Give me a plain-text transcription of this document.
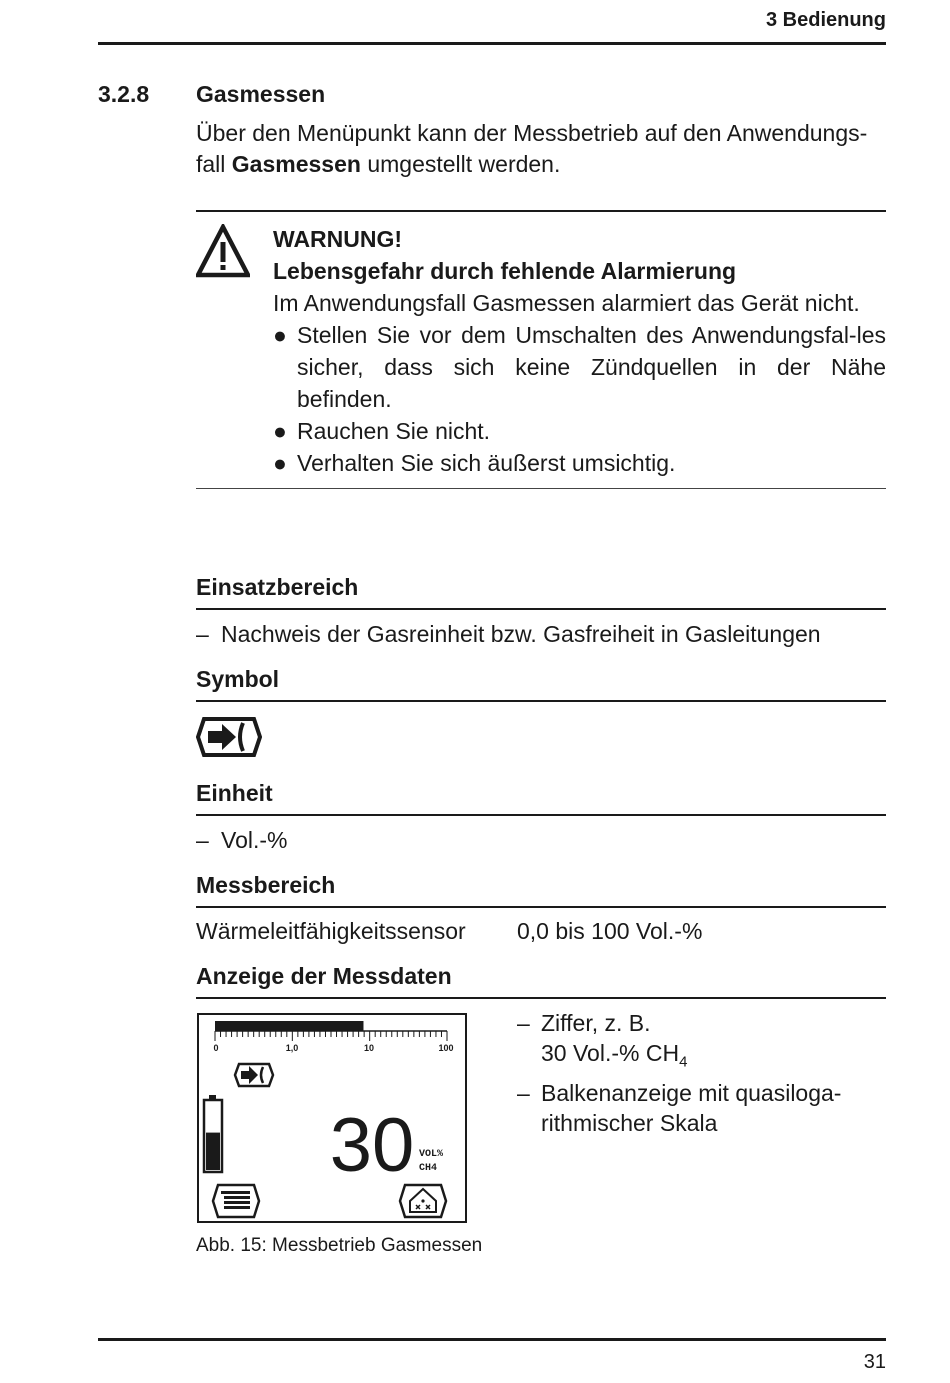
3 Bedienung
3.2.8 Gasmessen
Über den Menüpunkt kann der Messbetrieb auf den Anwendungs-fall Gasmessen umgestellt werden.
WARNUNG!
Lebensgefahr durch fehlende Alarmierung
Im Anwendungsfall Gasmessen alarmiert das Gerät nicht.
● Stellen Sie vor dem Umschalten des Anwendungsfal-les sicher, dass sich keine Zündquellen in der Nähe befinden.
● Rauchen Sie nicht.
● Verhalten Sie sich äußerst umsichtig.
Einsatzbereich
– Nachweis der Gasreinheit bzw. Gasfreiheit in Gasleitungen
Symbol
Einheit
– Vol.-%
Messbereich
Wärmeleitfähigkeitssensor 0,0 bis 100 Vol.-%
Anzeige der Messdaten
0	1,0	10	100
30 VOL%
CH4
– Ziffer, z. B.
30 Vol.-% $CH_4$
– Balkenanzeige mit quasiloga-rithmischer Skala
Abb. 15: Messbetrieb Gasmessen
31
